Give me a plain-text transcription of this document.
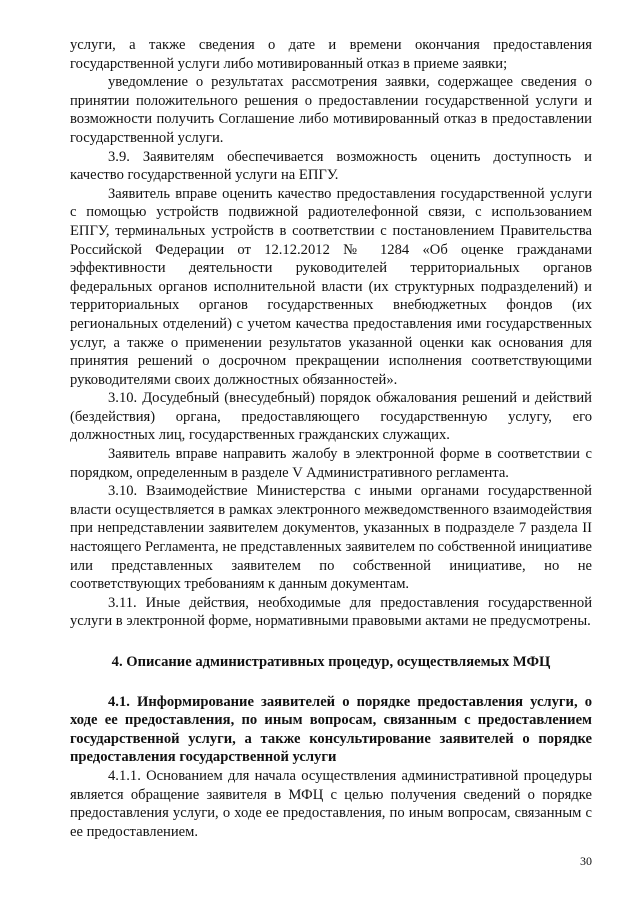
услуги, а также сведения о дате и времени окончания предоставления государственной услуги либо мотивированный отказ в приеме заявки;

уведомление о результатах рассмотрения заявки, содержащее сведения о принятии положительного решения о предоставлении государственной услуги и возможности получить Соглашение либо мотивированный отказ в предоставлении государственной услуги.

3.9. Заявителям обеспечивается возможность оценить доступность и качество государственной услуги на ЕПГУ.

Заявитель вправе оценить качество предоставления государственной услуги с помощью устройств подвижной радиотелефонной связи, с использованием ЕПГУ, терминальных устройств в соответствии с постановлением Правительства Российской Федерации от 12.12.2012 № 1284 «Об оценке гражданами эффективности деятельности руководителей территориальных органов федеральных органов исполнительной власти (их структурных подразделений) и территориальных органов государственных внебюджетных фондов (их региональных отделений) с учетом качества предоставления ими государственных услуг, а также о применении результатов указанной оценки как основания для принятия решений о досрочном прекращении исполнения соответствующими руководителями своих должностных обязанностей».

3.10. Досудебный (внесудебный) порядок обжалования решений и действий (бездействия) органа, предоставляющего государственную услугу, его должностных лиц, государственных гражданских служащих.

Заявитель вправе направить жалобу в электронной форме в соответствии с порядком, определенным в разделе V Административного регламента.

3.10. Взаимодействие Министерства с иными органами государственной власти осуществляется в рамках электронного межведомственного взаимодействия при непредставлении заявителем документов, указанных в подразделе 7 раздела II настоящего Регламента, не представленных заявителем по собственной инициативе или представленных заявителем по собственной инициативе, но не соответствующих требованиям к данным документам.

3.11. Иные действия, необходимые для предоставления государственной услуги в электронной форме, нормативными правовыми актами не предусмотрены.

4. Описание административных процедур, осуществляемых МФЦ

4.1. Информирование заявителей о порядке предоставления услуги, о ходе ее предоставления, по иным вопросам, связанным с предоставлением государственной услуги, а также консультирование заявителей о порядке предоставления государственной услуги

4.1.1. Основанием для начала осуществления административной процедуры является обращение заявителя в МФЦ с целью получения сведений о порядке предоставления услуги, о ходе ее предоставления, по иным вопросам, связанным с ее предоставлением.

30
